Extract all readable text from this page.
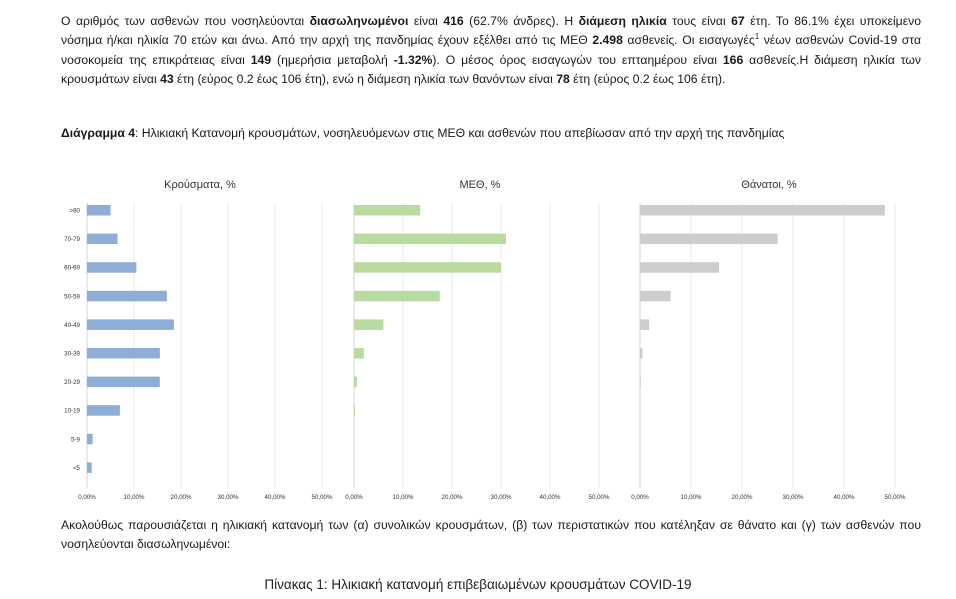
Ο αριθμός των ασθενών που νοσηλεύονται διασωληνωμένοι είναι 416 (62.7% άνδρες). Η διάμεση ηλικία τους είναι 67 έτη. Το 86.1% έχει υποκείμενο νόσημα ή/και ηλικία 70 ετών και άνω. Από την αρχή της πανδημίας έχουν εξέλθει από τις ΜΕΘ 2.498 ασθενείς. Οι εισαγωγές$^1$ νέων ασθενών Covid-19 στα νοσοκομεία της επικράτειας είναι 149 (ημερήσια μεταβολή -1.32%). Ο μέσος όρος εισαγωγών του επταημέρου είναι 166 ασθενείς.Η διάμεση ηλικία των κρουσμάτων είναι 43 έτη (εύρος 0.2 έως 106 έτη), ενώ η διάμεση ηλικία των θανόντων είναι 78 έτη (εύρος 0.2 έως 106 έτη).
Διάγραμμα 4: Ηλικιακή Κατανομή κρουσμάτων, νοσηλευόμενων στις ΜΕΘ και ασθενών που απεβίωσαν από την αρχή της πανδημίας
Κρούσματα, %	ΜΕΘ, %	Θάνατοι, %
0,00%	10,00%	20,00%	30,00%	40,00%	50,00%
>80
70-79
60-69
50-59
40-49
30-39
20-29
10-19
5-9
<5
0,00%	10,00%	20,00%	30,00%	40,00%	50,00%	0,00%	10,00%	20,00%	30,00%	40,00%	50,00%
Ακολούθως παρουσιάζεται η ηλικιακή κατανομή των (α) συνολικών κρουσμάτων, (β) των περιστατικών που κατέληξαν σε θάνατο και (γ) των ασθενών που νοσηλεύονται διασωληνωμένοι:
Πίνακας 1: Ηλικιακή κατανομή επιβεβαιωμένων κρουσμάτων COVID-19
